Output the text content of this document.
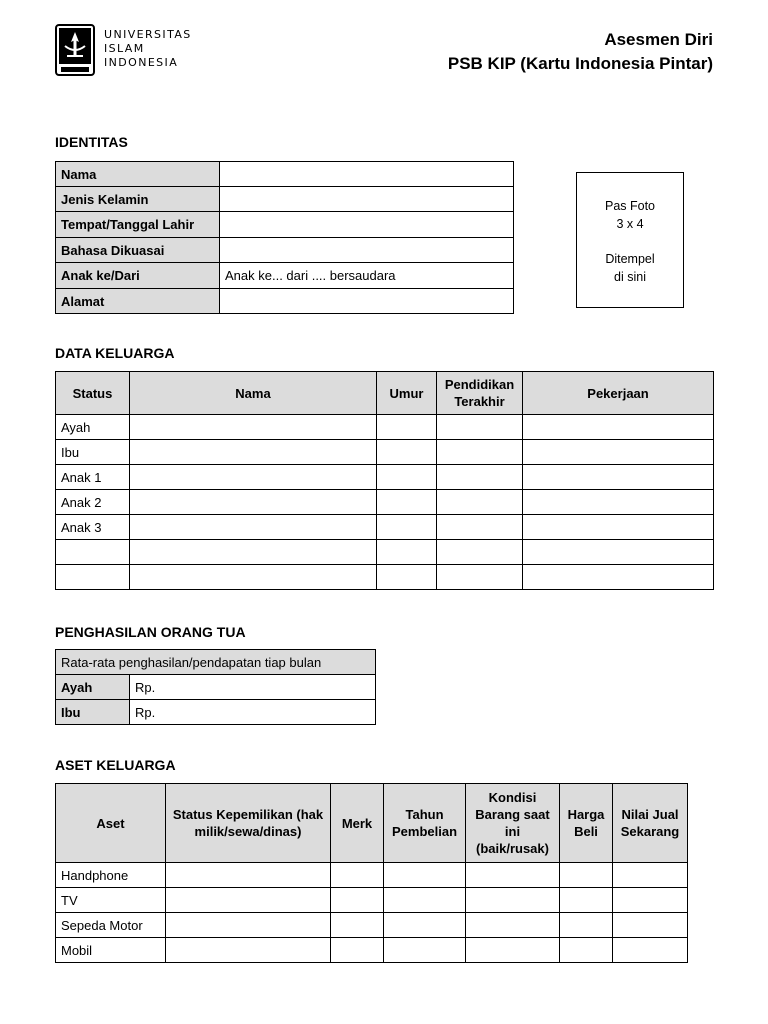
UNIVERSITAS
ISLAM
INDONESIA
Asesmen Diri
PSB KIP (Kartu Indonesia Pintar)
IDENTITAS
Nama	
Jenis Kelamin	
Tempat/Tanggal Lahir	
Bahasa Dikuasai	
Anak ke/Dari	Anak ke... dari .... bersaudara
Alamat	
Pas Foto
3 x 4
Ditempel
di sini
DATA KELUARGA
Status	Nama	Umur	Pendidikan Terakhir	Pekerjaan
Ayah				
Ibu				
Anak 1				
Anak 2				
Anak 3				

PENGHASILAN ORANG TUA
Rata-rata penghasilan/pendapatan tiap bulan	
Ayah	Rp.
Ibu	Rp.
ASET KELUARGA
Aset	Status Kepemilikan (hak milik/sewa/dinas)	Merk	Tahun Pembelian	Kondisi Barang saat ini (baik/rusak)	Harga Beli	Nilai Jual Sekarang
Handphone						
TV						
Sepeda Motor						
Mobil						
